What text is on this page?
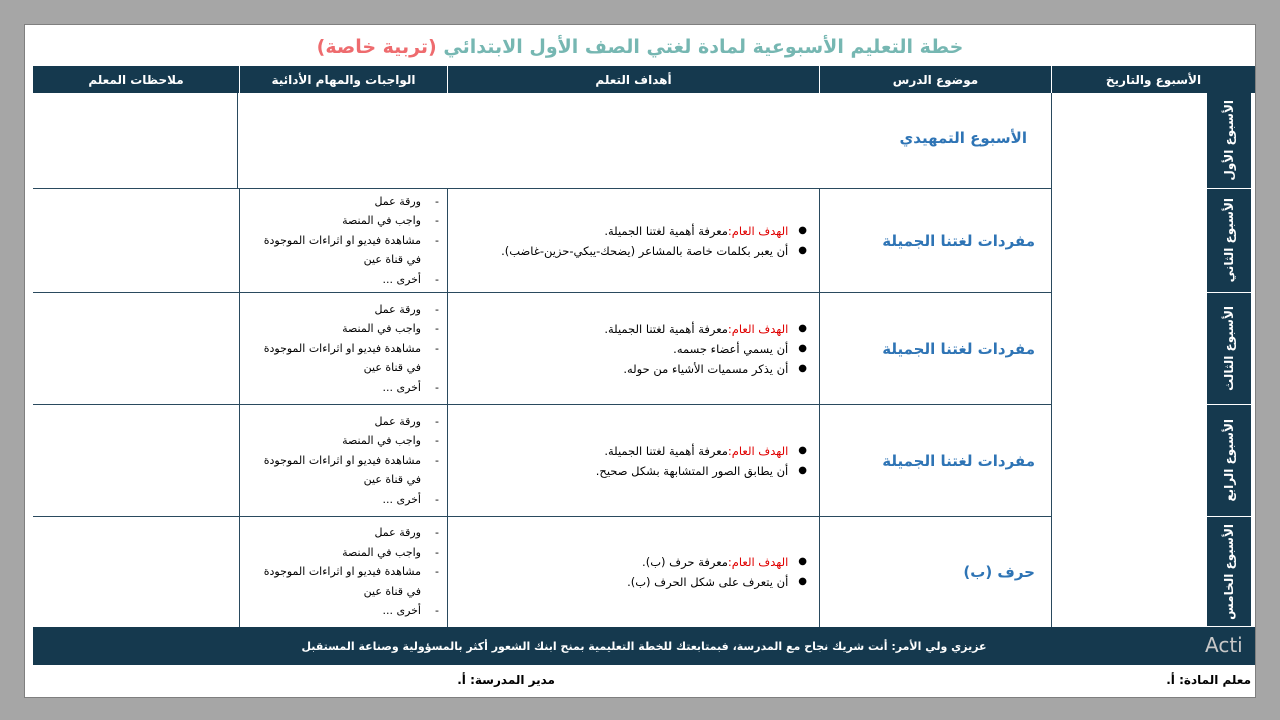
خطة التعليم الأسبوعية لمادة لغتي الصف الأول الابتدائي (تربية خاصة)
الأسبوع والتاريخ
موضوع الدرس
أهداف التعلم
الواجبات والمهام الأدائية
ملاحظات المعلم
الأسبوع الأول
الأسبوع الثاني
الأسبوع الثالث
الأسبوع الرابع
الأسبوع الخامس
الأسبوع التمهيدي
مفردات لغتنا الجميلة
●
الهدف العام:معرفة أهمية لغتنا الجميلة.
●
أن يعبر بكلمات خاصة بالمشاعر (يضحك-يبكي-حزين-غاضب).
-
ورقة عمل
-
واجب في المنصة
-
مشاهدة فيديو او اثراءات الموجودة في قناة عين
-
أخرى ...
مفردات لغتنا الجميلة
●
الهدف العام:معرفة أهمية لغتنا الجميلة.
●
أن يسمي أعضاء جسمه.
●
أن يذكر مسميات الأشياء من حوله.
-
ورقة عمل
-
واجب في المنصة
-
مشاهدة فيديو او اثراءات الموجودة في قناة عين
-
أخرى ...
مفردات لغتنا الجميلة
●
الهدف العام:معرفة أهمية لغتنا الجميلة.
●
أن يطابق الصور المتشابهة بشكل صحيح.
-
ورقة عمل
-
واجب في المنصة
-
مشاهدة فيديو او اثراءات الموجودة في قناة عين
-
أخرى ...
حرف (ب)
●
الهدف العام:معرفة حرف (ب).
●
أن يتعرف على شكل الحرف (ب).
-
ورقة عمل
-
واجب في المنصة
-
مشاهدة فيديو او اثراءات الموجودة في قناة عين
-
أخرى ...
عزيزي ولي الأمر: أنت شريك نجاح مع المدرسة، فبمتابعتك للخطة التعليمية بمنح ابنك الشعور أكثر بالمسؤولية وصناعة المستقبل
معلم المادة: أ.
مدير المدرسة: أ.
Acti
